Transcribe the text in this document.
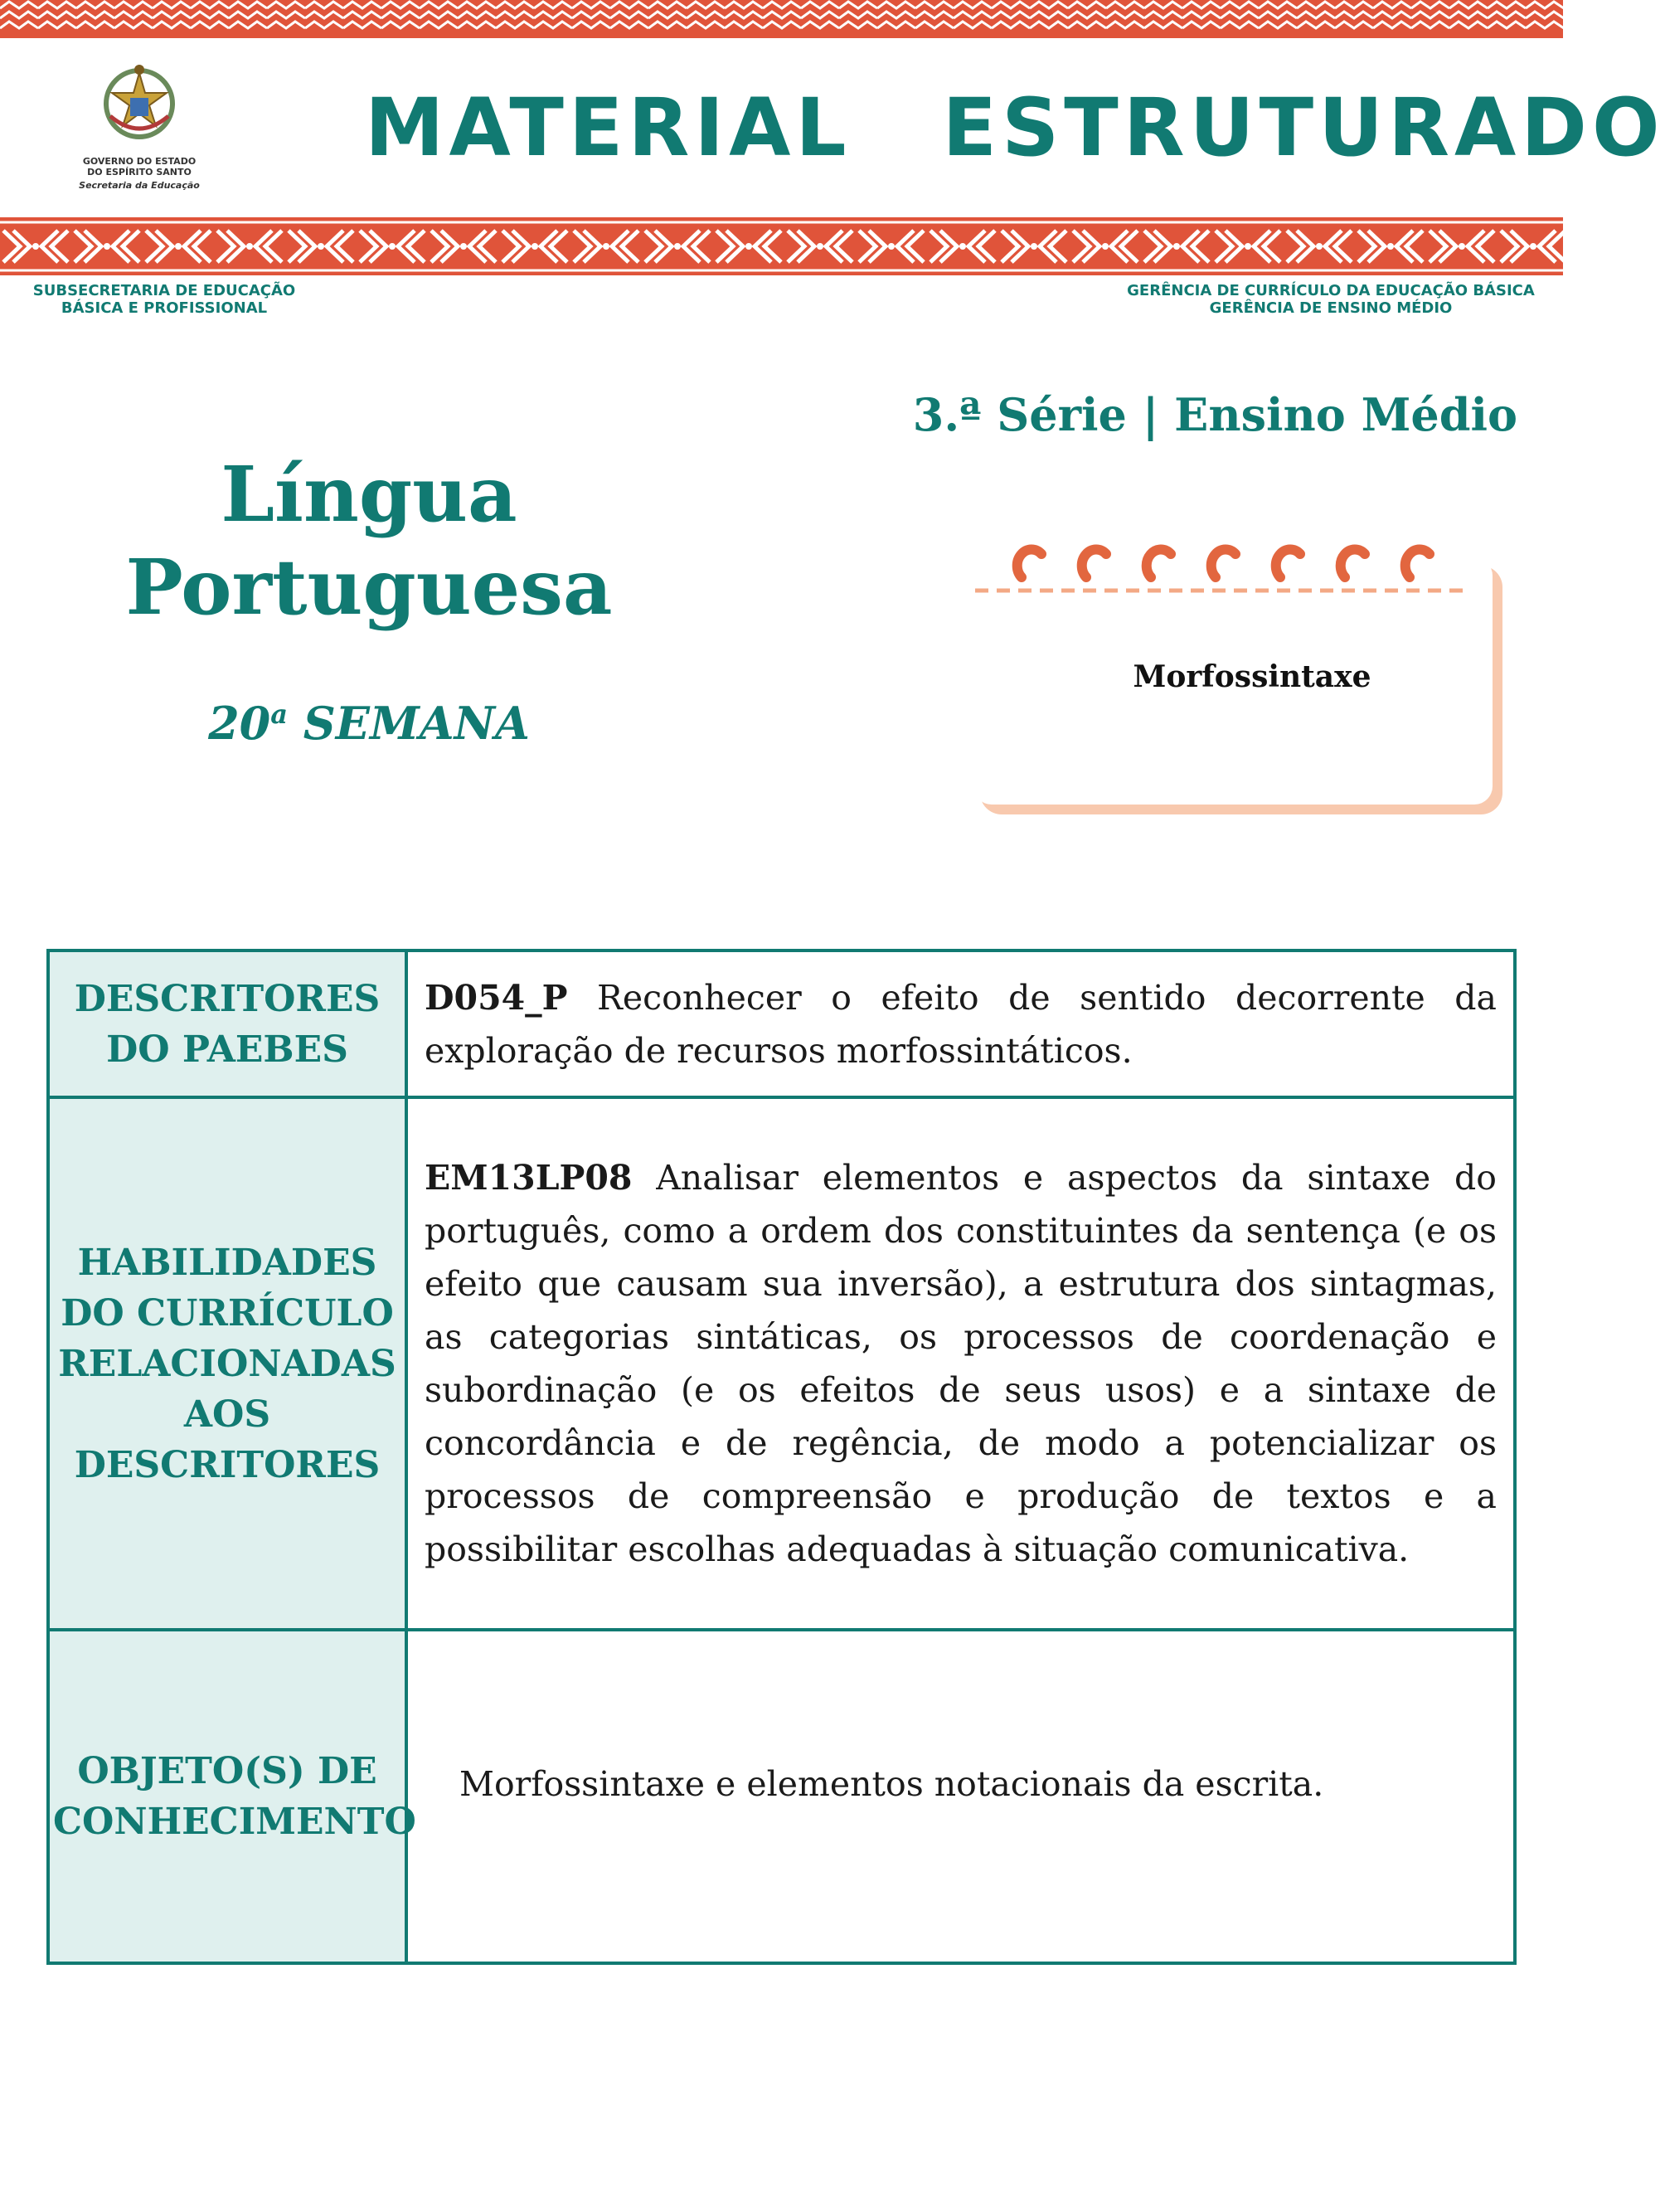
GOVERNO DO ESTADO
DO ESPÍRITO SANTO
Secretaria da Educação
MATERIAL ESTRUTURADO
SUBSECRETARIA DE EDUCAÇÃO
BÁSICA E PROFISSIONAL
GERÊNCIA DE CURRÍCULO DA EDUCAÇÃO BÁSICA
GERÊNCIA DE ENSINO MÉDIO
3.ª Série | Ensino Médio
Língua
Portuguesa
20$^a$ SEMANA
Morfossintaxe
DESCRITORES DO PAEBES	D054_P Reconhecer o efeito de sentido decorrente da exploração de recursos morfossintáticos.
HABILIDADES DO CURRÍCULO RELACIONADAS AOS DESCRITORES	EM13LP08 Analisar elementos e aspectos da sintaxe do português, como a ordem dos constituintes da sentença (e os efeito que causam sua inversão), a estrutura dos sintagmas, as categorias sintáticas, os processos de coordenação e subordinação (e os efeitos de seus usos) e a sintaxe de concordância e de regência, de modo a potencializar os processos de compreensão e produção de textos e a possibilitar escolhas adequadas à situação comunicativa.
OBJETO(S) DE CONHECIMENTO	Morfossintaxe e elementos notacionais da escrita.
